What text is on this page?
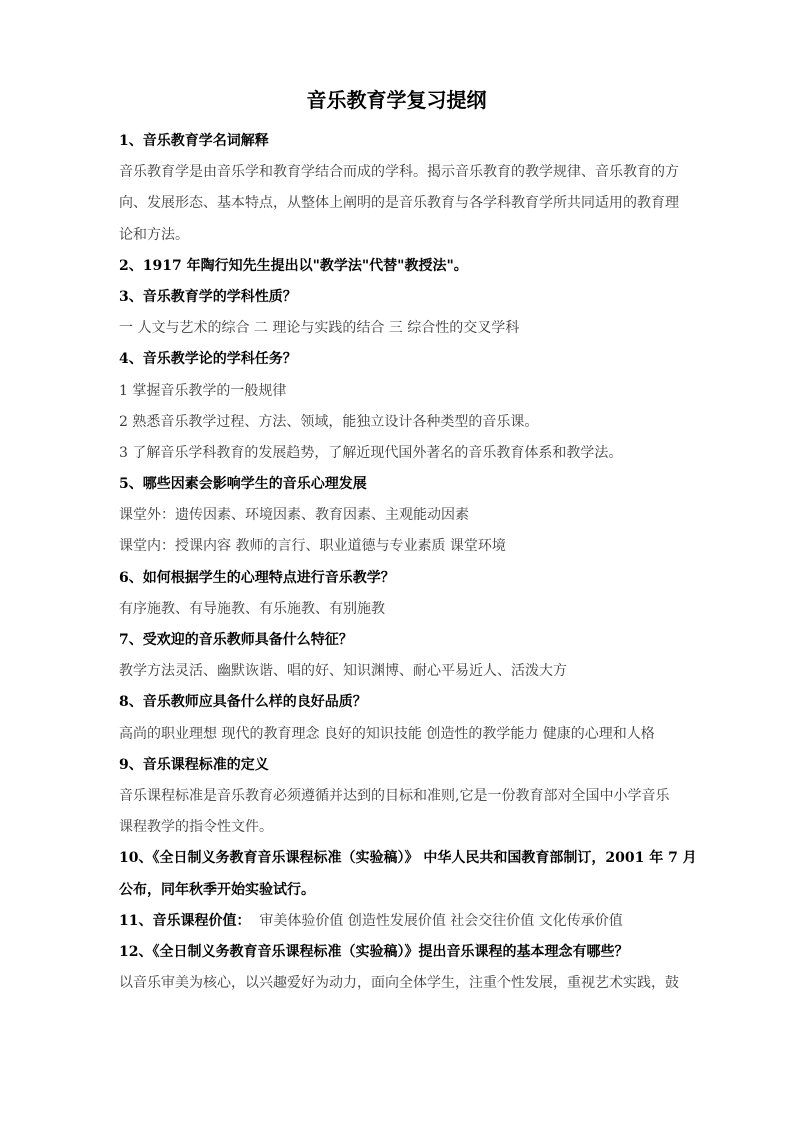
音乐教育学复习提纲
1、音乐教育学名词解释
音乐教育学是由音乐学和教育学结合而成的学科。揭示音乐教育的教学规律、音乐教育的方
向、发展形态、基本特点，从整体上阐明的是音乐教育与各学科教育学所共同适用的教育理
论和方法。
2、1917 年陶行知先生提出以"教学法"代替"教授法"。
3、音乐教育学的学科性质？
一 人文与艺术的综合 二 理论与实践的结合 三 综合性的交叉学科
4、音乐教学论的学科任务？
1 掌握音乐教学的一般规律
2 熟悉音乐教学过程、方法、领域，能独立设计各种类型的音乐课。
3 了解音乐学科教育的发展趋势，了解近现代国外著名的音乐教育体系和教学法。
5、哪些因素会影响学生的音乐心理发展
课堂外：遗传因素、环境因素、教育因素、主观能动因素
课堂内：授课内容 教师的言行、职业道德与专业素质 课堂环境
6、如何根据学生的心理特点进行音乐教学？
有序施教、有导施教、有乐施教、有别施教
7、受欢迎的音乐教师具备什么特征？
教学方法灵活、幽默诙谐、唱的好、知识渊博、耐心平易近人、活泼大方
8、音乐教师应具备什么样的良好品质？
高尚的职业理想 现代的教育理念 良好的知识技能 创造性的教学能力 健康的心理和人格
9、音乐课程标准的定义
音乐课程标准是音乐教育必须遵循并达到的目标和准则,它是一份教育部对全国中小学音乐
课程教学的指令性文件。
10、《全日制义务教育音乐课程标准（实验稿）》 中华人民共和国教育部制订，2001 年 7 月
公布，同年秋季开始实验试行。
11、音乐课程价值：  审美体验价值 创造性发展价值 社会交往价值 文化传承价值
12、《全日制义务教育音乐课程标准（实验稿）》提出音乐课程的基本理念有哪些？
以音乐审美为核心，以兴趣爱好为动力，面向全体学生，注重个性发展，重视艺术实践，鼓
